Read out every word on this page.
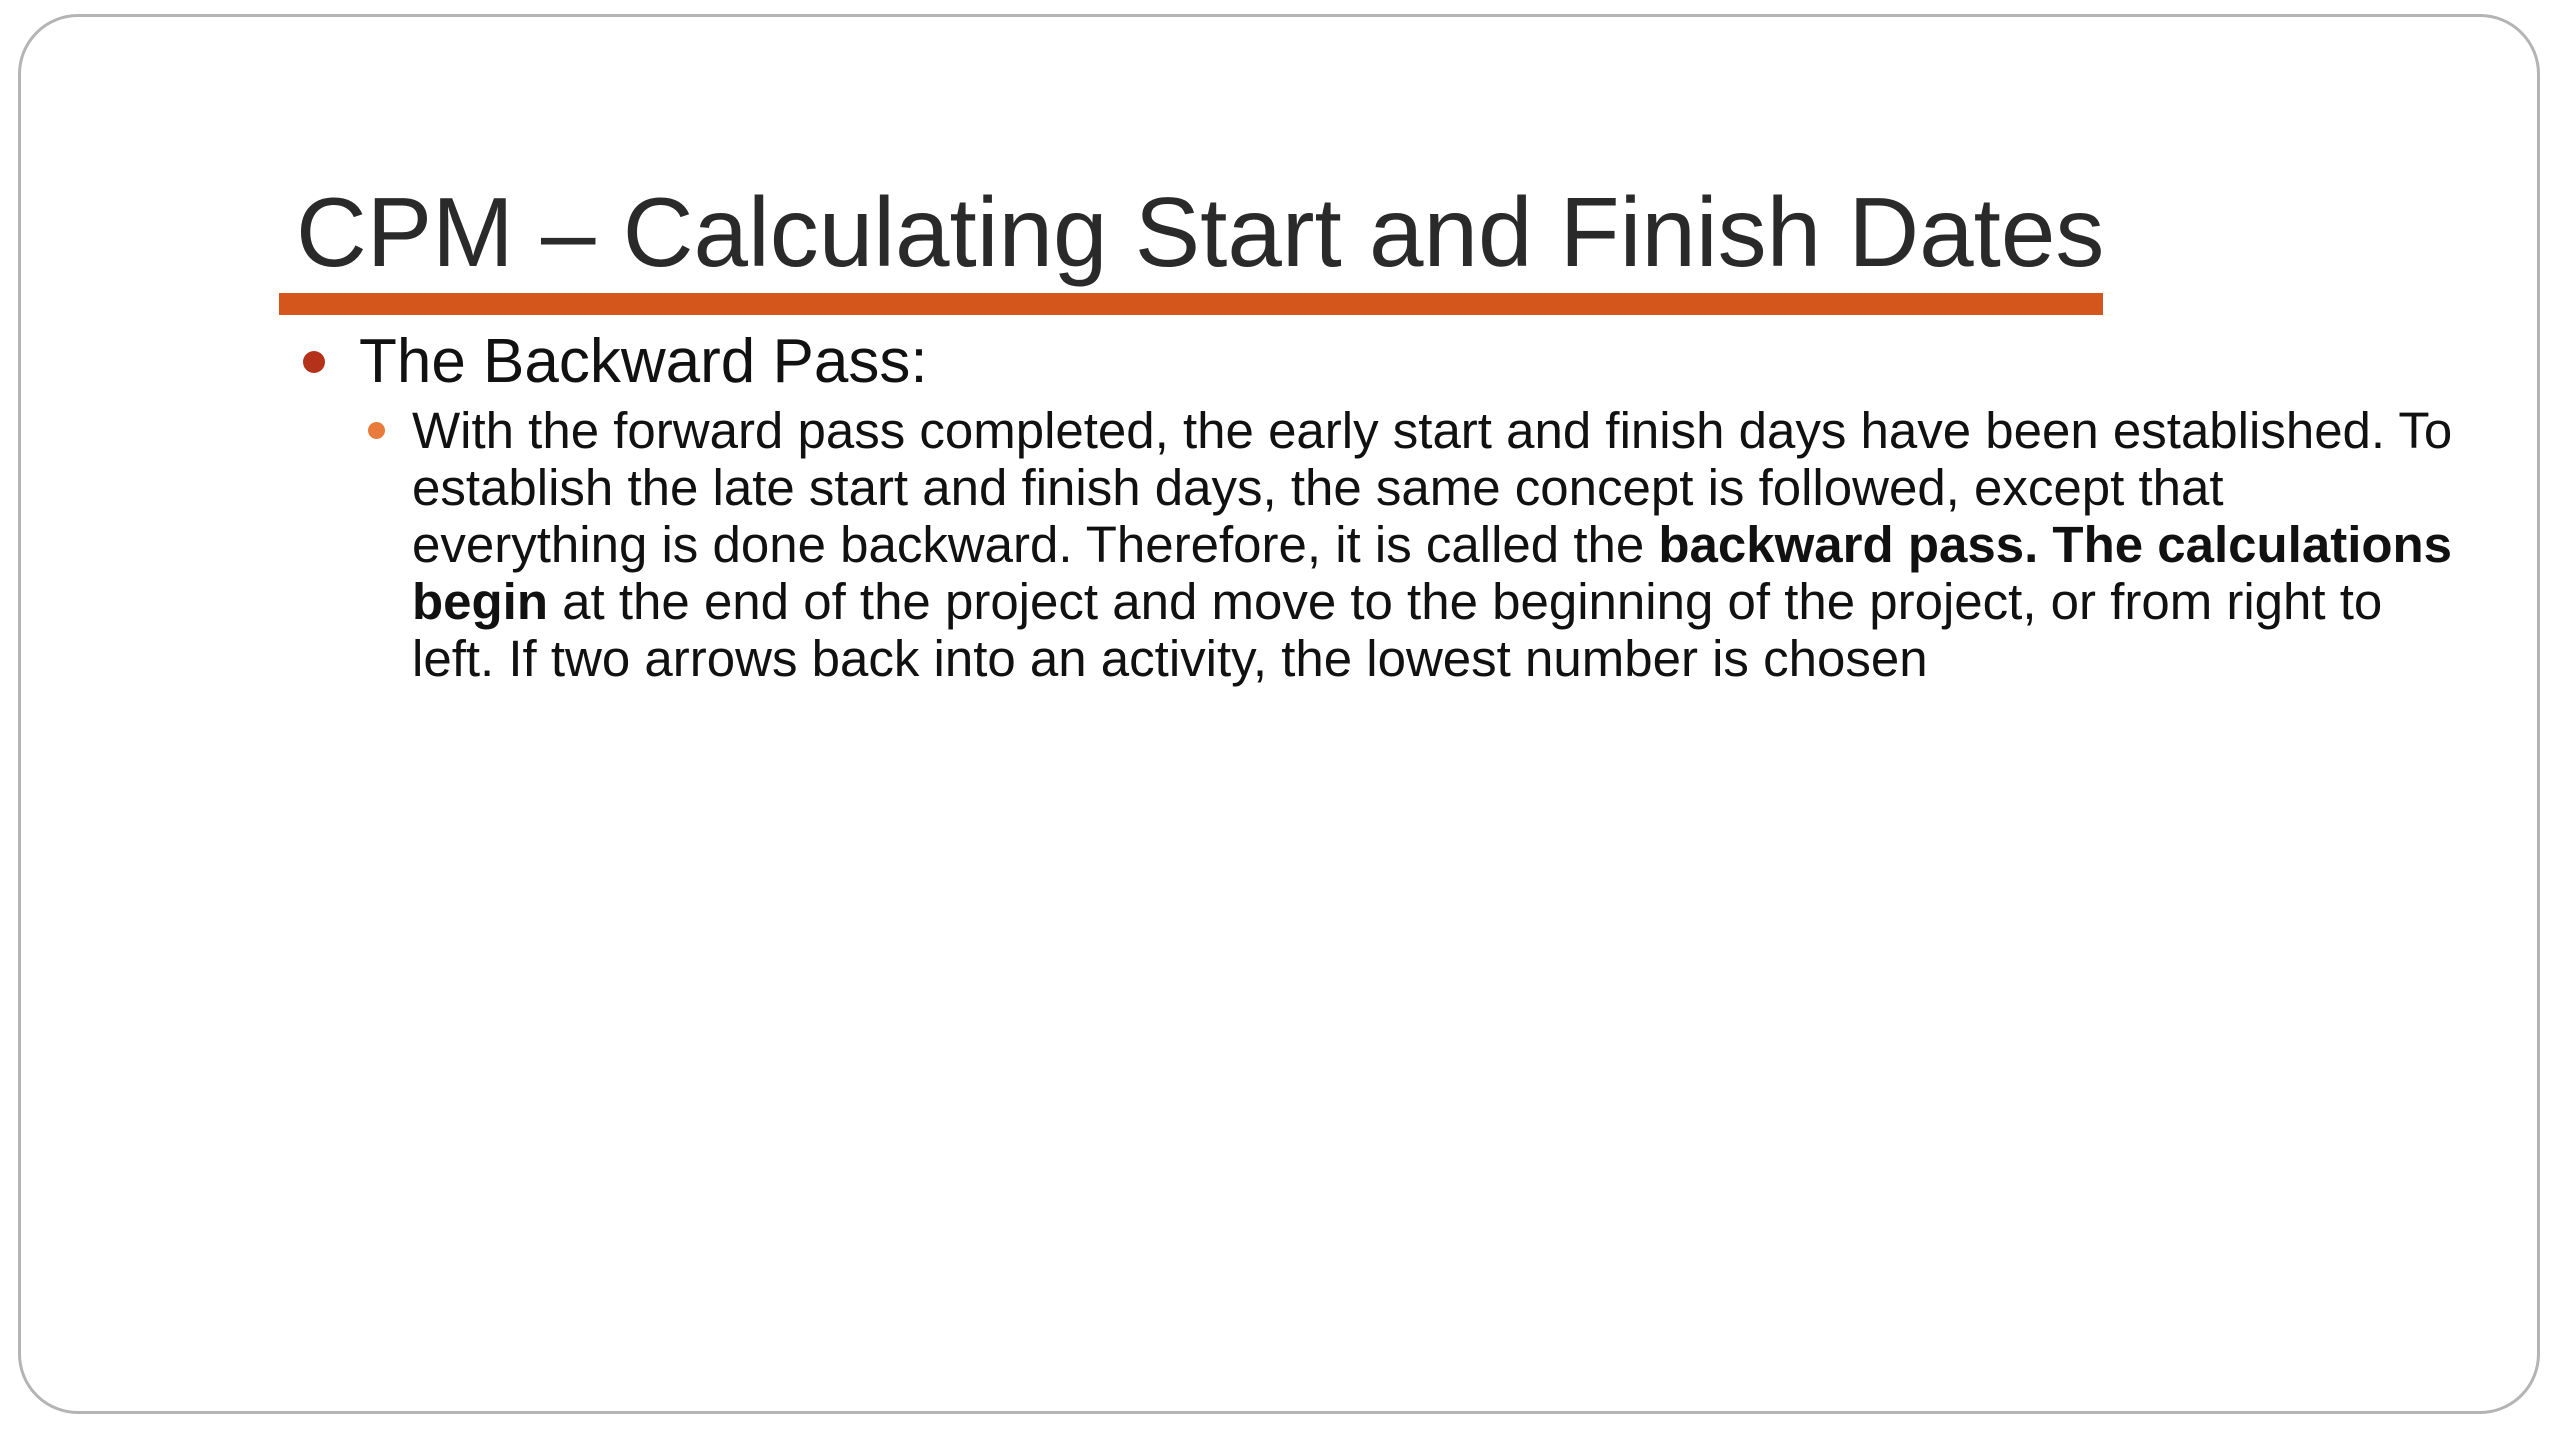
CPM – Calculating Start and Finish Dates
The Backward Pass:
With the forward pass completed, the early start and finish days have been established. To establish the late start and finish days, the same concept is followed, except that everything is done backward. Therefore, it is called the backward pass. The calculations begin at the end of the project and move to the beginning of the project, or from right to left. If two arrows back into an activity, the lowest number is chosen
